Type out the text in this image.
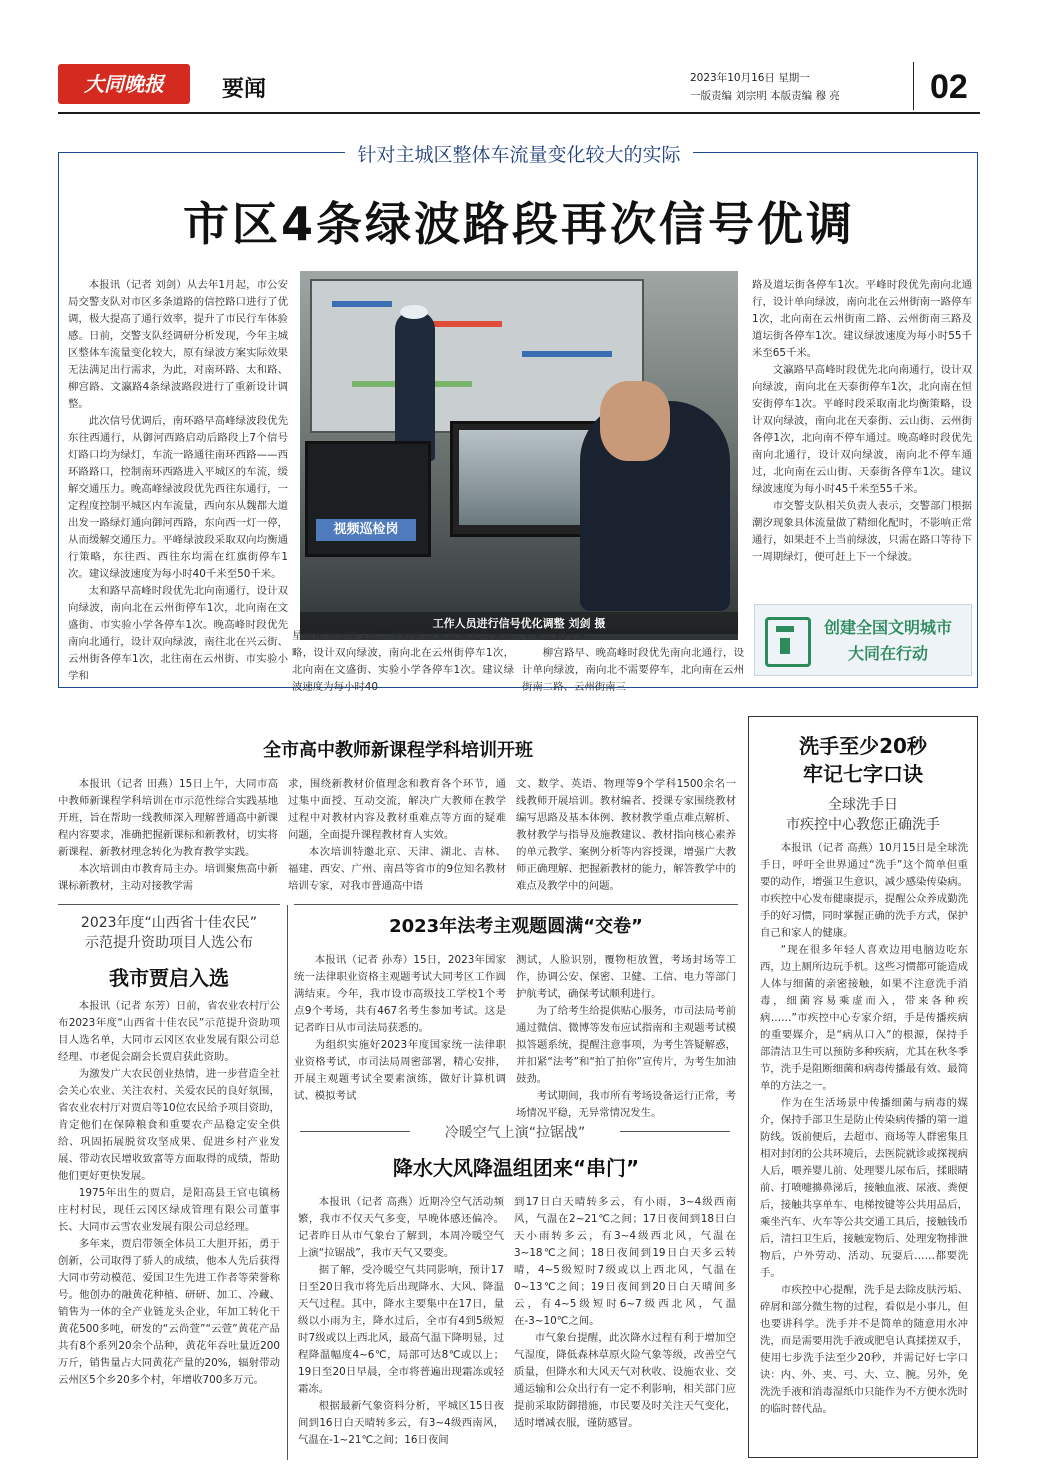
大同晚报	要闻	2023年10月16日 星期一
一版责编 刘宗明 本版责编 穆 亮	02
针对主城区整体车流量变化较大的实际
市区4条绿波路段再次信号优调

本报讯（记者 刘剑）从去年1月起，市公安局交警支队对市区多条道路的信控路口进行了优调，极大提高了通行效率，提升了市民行车体验感。日前，交警支队经调研分析发现，今年主城区整体车流量变化较大，原有绿波方案实际效果无法满足出行需求，为此，对南环路、太和路、柳宫路、文瀛路4条绿波路段进行了重新设计调整。

此次信号优调后，南环路早高峰绿波段优先东往西通行，从御河西路启动后路段上7个信号灯路口均为绿灯，车流一路通往南环西路——西环路路口，控制南环西路进入平城区的车流，缓解交通压力。晚高峰绿波段优先西往东通行，一定程度控制平城区内车流量，西向东从魏都大道出发一路绿灯通向御河西路，东向西一灯一停，从而缓解交通压力。平峰绿波段采取双向均衡通行策略，东往西、西往东均需在红旗街停车1次。建议绿波速度为每小时40千米至50千米。

太和路早高峰时段优先北向南通行，设计双向绿波，南向北在云州街停车1次，北向南在文盛街、市实验小学各停车1次。晚高峰时段优先南向北通行，设计双向绿波，南往北在兴云街、云州街各停车1次，北往南在云州街、市实验小学和

视频巡检岗
工作人员进行信号优化调整 刘剑 摄

星熙街各停车1次。平峰时段采取南北均衡策略，设计双向绿波，南向北在云州街停车1次，北向南在文盛街、实验小学各停车1次。建议绿波速度为每小时40

千米至50千米。

柳宫路早、晚高峰时段优先南向北通行，设计单向绿波，南向北不需要停车，北向南在云州街南二路、云州街南三

路及道坛街各停车1次。平峰时段优先南向北通行，设计单向绿波，南向北在云州街南一路停车1次，北向南在云州街南二路、云州街南三路及道坛街各停车1次。建议绿波速度为每小时55千米至65千米。

文瀛路早高峰时段优先北向南通行，设计双向绿波，南向北在天泰街停车1次，北向南在恒安街停车1次。平峰时段采取南北均衡策略，设计双向绿波，南向北在天泰街、云山街、云州街各停1次，北向南不停车通过。晚高峰时段优先南向北通行，设计双向绿波，南向北不停车通过，北向南在云山街、天泰街各停车1次。建议绿波速度为每小时45千米至55千米。

市交警支队相关负责人表示，交警部门根据潮汐现象具体流量做了精细化配时，不影响正常通行，如果赶不上当前绿波，只需在路口等待下一周期绿灯，便可赶上下一个绿波。

创建全国文明城市
大同在行动
全市高中教师新课程学科培训开班

本报讯（记者 田燕）15日上午，大同市高中教师新课程学科培训在市示范性综合实践基地开班，旨在帮助一线教师深入理解普通高中新课程内容要求，准确把握新课标和新教材，切实将新课程、新教材理念转化为教育教学实践。

本次培训由市教育局主办。培训聚焦高中新课标新教材，主动对接教学需

求，围绕新教材价值理念和教育各个环节，通过集中面授、互动交流，解决广大教师在教学过程中对教材内容及教材重难点等方面的疑难问题，全面提升课程教材育人实效。

本次培训特邀北京、天津、湖北、吉林、福建、西安、广州、南昌等省市的9位知名教材培训专家，对我市普通高中语

文、数学、英语、物理等9个学科1500余名一线教师开展培训。教材编者、授课专家围绕教材编写思路及基本体例、教材教学重点难点解析、教材教学与指导及施教建议、教材指向核心素养的单元教学、案例分析等内容授课，增强广大教师正确理解、把握新教材的能力，解答教学中的难点及教学中的问题。

2023年度“山西省十佳农民”
示范提升资助项目人选公布
我市贾启入选

本报讯（记者 东芳）日前，省农业农村厅公布2023年度“山西省十佳农民”示范提升资助项目人选名单，大同市云冈区农业发展有限公司总经理、市老促会副会长贾启获此资助。

为激发广大农民创业热情，进一步营造全社会关心农业、关注农村、关爱农民的良好氛围，省农业农村厅对贾启等10位农民给予项目资助，肯定他们在保障粮食和重要农产品稳定安全供给、巩固拓展脱贫攻坚成果、促进乡村产业发展、带动农民增收致富等方面取得的成绩，帮助他们更好更快发展。

1975年出生的贾启，是阳高县王官屯镇杨庄村村民，现任云冈区绿成管理有限公司董事长、大同市云雪农业发展有限公司总经理。

多年来，贾启带领全体员工大胆开拓，勇于创新，公司取得了骄人的成绩，他本人先后获得大同市劳动模范、爱国卫生先进工作者等荣誉称号。他创办的融黄花种植、研研、加工、冷藏、销售为一体的全产业链龙头企业，年加工转化干黄花500多吨，研发的“云尚萱”“云萱”黄花产品共有8个系列20余个品种，黄花年吞吐量近200万斤，销售量占大同黄花产量的20%，辐射带动云州区5个乡20多个村，年增收700多万元。

2023年法考主观题圆满“交卷”

本报讯（记者 孙寿）15日，2023年国家统一法律职业资格主观题考试大同考区工作圆满结束。今年，我市设市高级技工学校1个考点9个考场，共有467名考生参加考试。这是记者昨日从市司法局获悉的。

为组织实施好2023年度国家统一法律职业资格考试，市司法局周密部署，精心安排，开展主观题考试全要素演练，做好计算机调试、模拟考试

测试，人脸识别，覆物柜放置，考场封场等工作，协调公安、保密、卫健、工信、电力等部门护航考试，确保考试顺利进行。

为了给考生给提供贴心服务，市司法局考前通过微信、微博等发布应试指南和主观题考试模拟答题系统，提醒注意事项，为考生答疑解惑，并扣紧“法考”和“拍了拍你”宣传片，为考生加油鼓劲。

考试期间，我市所有考场设备运行正常，考场情况平稳，无异常情况发生。

冷暖空气上演“拉锯战”
降水大风降温组团来“串门”

本报讯（记者 高燕）近期冷空气活动频繁，我市不仅天气多变，早晚体感还偏冷。记者昨日从市气象台了解到，本周冷暖空气上演“拉锯战”，我市天气又要变。

据了解，受冷暖空气共同影响，预计17日至20日我市将先后出现降水、大风、降温天气过程。其中，降水主要集中在17日，量级以小雨为主，降水过后，全市有4到5级短时7级或以上西北风，最高气温下降明显，过程降温幅度4~6℃，局部可达8℃或以上；19日至20日早晨，全市将普遍出现霜冻或轻霜冻。

根据最新气象资料分析，平城区15日夜间到16日白天晴转多云，有3~4级西南风，气温在-1~21℃之间；16日夜间

到17日白天晴转多云，有小雨，3~4级西南风，气温在2~21℃之间；17日夜间到18日白天小雨转多云，有3~4级西北风，气温在3~18℃之间；18日夜间到19日白天多云转晴，4~5级短时7级或以上西北风，气温在0~13℃之间；19日夜间到20日白天晴间多云，有4~5级短时6~7级西北风，气温在-3~10℃之间。

市气象台提醒，此次降水过程有利于增加空气湿度，降低森林草原火险气象等级，改善空气质量，但降水和大风天气对秋收、设施农业、交通运输和公众出行有一定不利影响，相关部门应提前采取防御措施，市民要及时关注天气变化，适时增减衣服，谨防感冒。

洗手至少20秒
牢记七字口诀
全球洗手日
市疾控中心教您正确洗手

本报讯（记者 高燕）10月15日是全球洗手日，呼吁全世界通过“洗手”这个简单但重要的动作，增强卫生意识，减少感染传染病。市疾控中心发布健康提示，提醒公众养成勤洗手的好习惯，同时掌握正确的洗手方式，保护自己和家人的健康。

“现在很多年轻人喜欢边用电脑边吃东西，边上厕所边玩手机。这些习惯都可能造成人体与细菌的亲密接触，如果不注意洗手消毒，细菌容易乘虚而入，带来各种疾病……”市疾控中心专家介绍，手是传播疾病的重要媒介，是“病从口入”的根源，保持手部清洁卫生可以预防多种疾病，尤其在秋冬季节，洗手是阻断细菌和病毒传播最有效、最简单的方法之一。

作为在生活场景中传播细菌与病毒的媒介，保持手部卫生是防止传染病传播的第一道防线。饭前便后，去超市、商场等人群密集且相对封闭的公共环境后，去医院就诊或探视病人后，喂养婴儿前、处理婴儿尿布后，揉眼睛前、打喷嚏擤鼻涕后，接触血液、尿液、粪便后，接触共享单车、电梯按键等公共用品后，乘坐汽车、火车等公共交通工具后，接触钱币后，清扫卫生后，接触宠物后、处理宠物排泄物后，户外劳动、活动、玩耍后……都要洗手。

市疾控中心提醒，洗手是去除皮肤污垢、碎屑和部分微生物的过程，看似是小事儿，但也要讲科学。洗手并不是简单的随意用水冲洗，而是需要用洗手液或肥皂认真揉搓双手，使用七步洗手法至少20秒，并需记好七字口诀：内、外、夹、弓、大、立、腕。另外，免洗洗手液和消毒湿纸巾只能作为不方便水洗时的临时替代品。
